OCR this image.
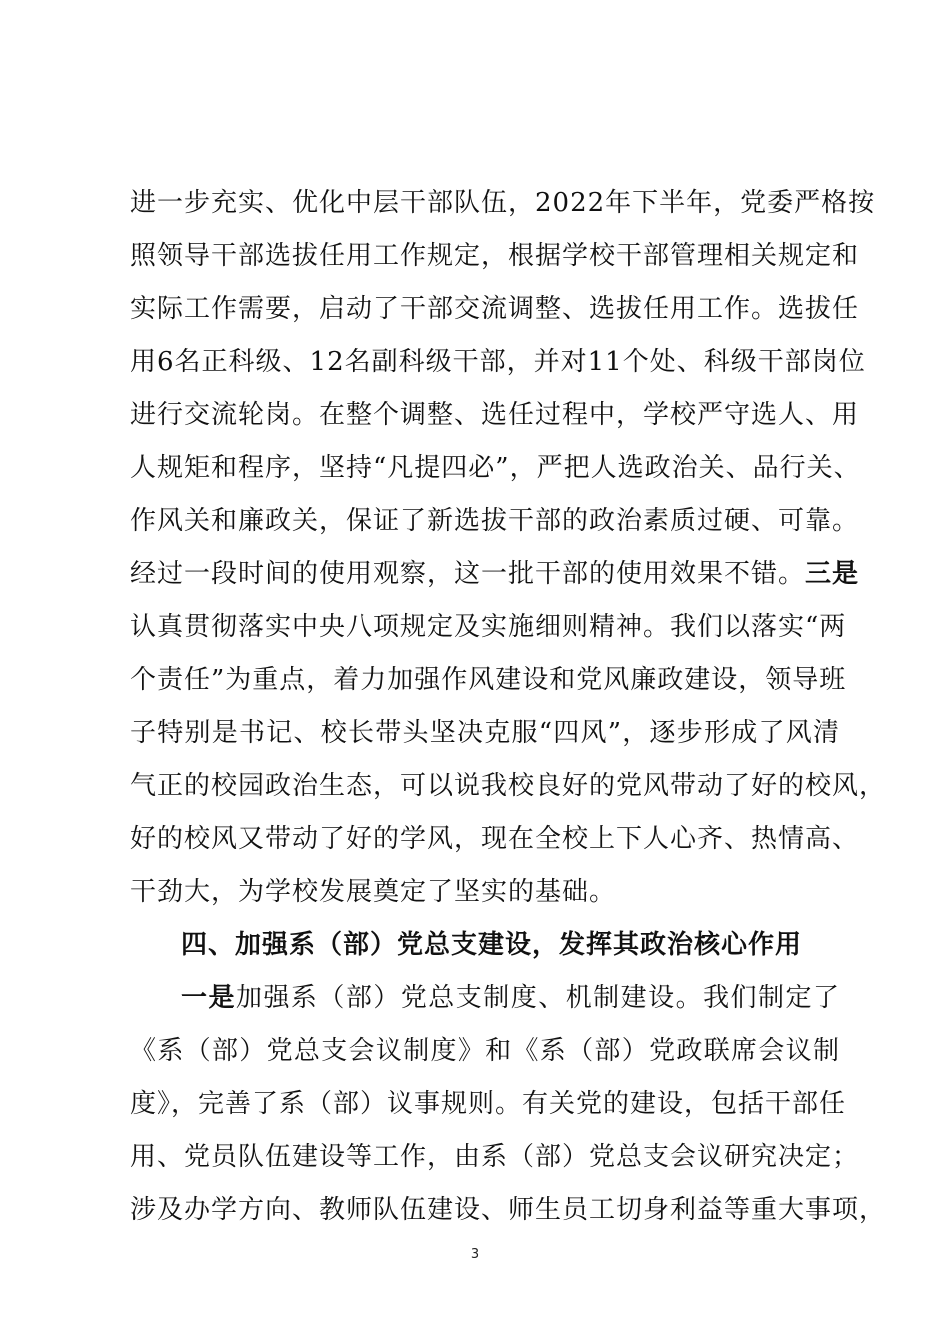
进一步充实、优化中层干部队伍，2022年下半年，党委严格按
照领导干部选拔任用工作规定，根据学校干部管理相关规定和
实际工作需要，启动了干部交流调整、选拔任用工作。选拔任
用6名正科级、12名副科级干部，并对11个处、科级干部岗位
进行交流轮岗。在整个调整、选任过程中，学校严守选人、用
人规矩和程序，坚持“凡提四必”，严把人选政治关、品行关、
作风关和廉政关，保证了新选拔干部的政治素质过硬、可靠。
经过一段时间的使用观察，这一批干部的使用效果不错。三是
认真贯彻落实中央八项规定及实施细则精神。我们以落实“两
个责任”为重点，着力加强作风建设和党风廉政建设，领导班
子特别是书记、校长带头坚决克服“四风”，逐步形成了风清
气正的校园政治生态，可以说我校良好的党风带动了好的校风，
好的校风又带动了好的学风，现在全校上下人心齐、热情高、
干劲大，为学校发展奠定了坚实的基础。
四、加强系（部）党总支建设，发挥其政治核心作用
一是加强系（部）党总支制度、机制建设。我们制定了
《系（部）党总支会议制度》和《系（部）党政联席会议制
度》，完善了系（部）议事规则。有关党的建设，包括干部任
用、党员队伍建设等工作，由系（部）党总支会议研究决定；
涉及办学方向、教师队伍建设、师生员工切身利益等重大事项，
3
